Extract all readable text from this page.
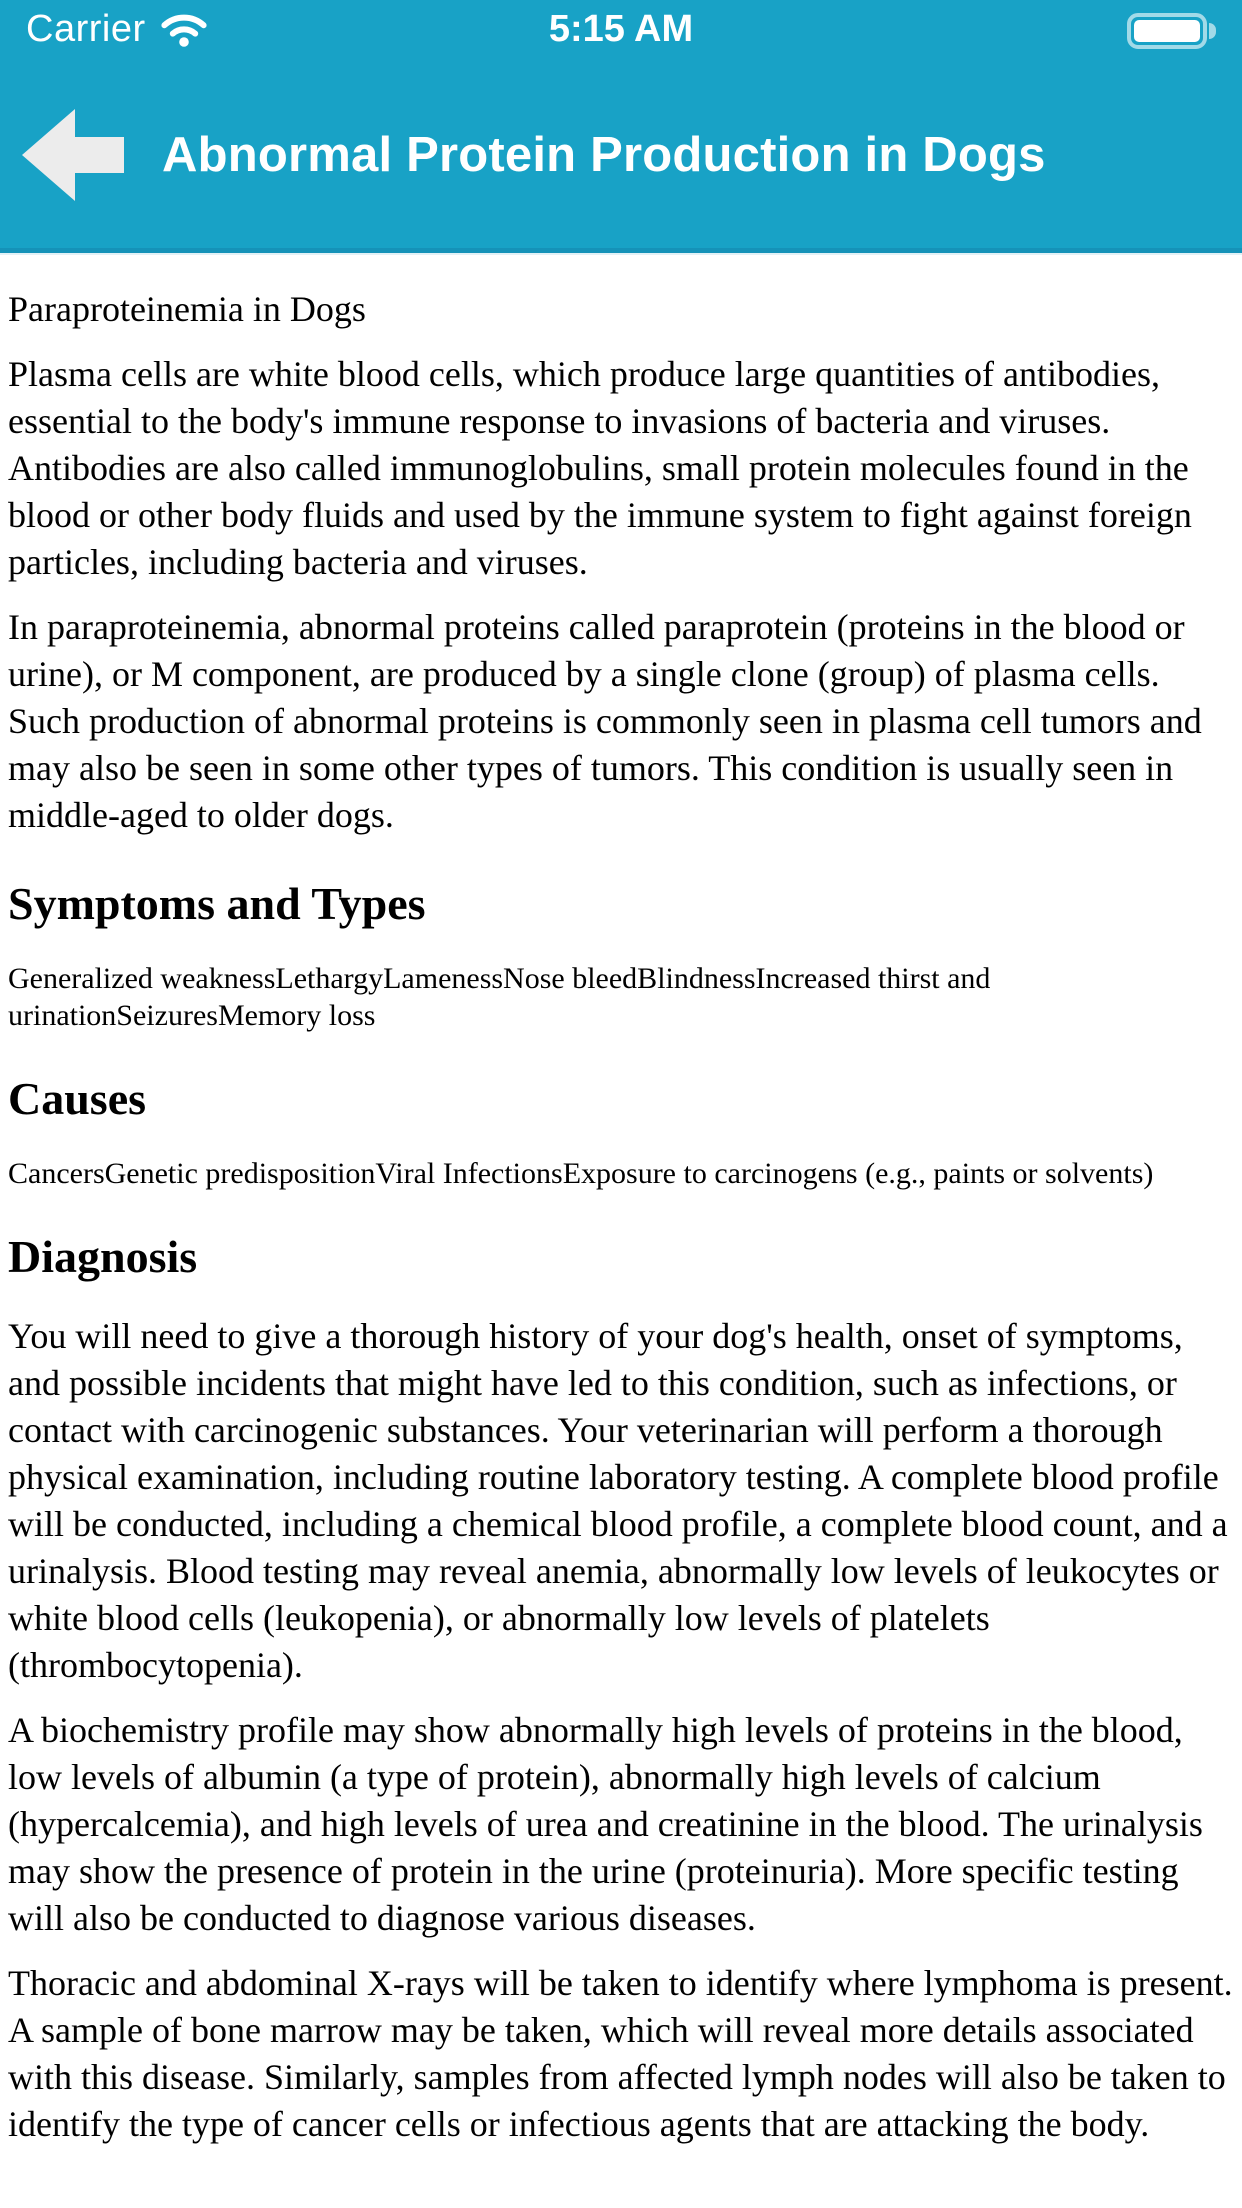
Carrier	5:15 AM
Abnormal Protein Production in Dogs

Paraproteinemia in Dogs

Plasma cells are white blood cells, which produce large quantities of antibodies, essential to the body's immune response to invasions of bacteria and viruses. Antibodies are also called immunoglobulins, small protein molecules found in the blood or other body fluids and used by the immune system to fight against foreign particles, including bacteria and viruses.

In paraproteinemia, abnormal proteins called paraprotein (proteins in the blood or urine), or M component, are produced by a single clone (group) of plasma cells. Such production of abnormal proteins is commonly seen in plasma cell tumors and may also be seen in some other types of tumors. This condition is usually seen in middle-aged to older dogs.

Symptoms and Types

Generalized weaknessLethargyLamenessNose bleedBlindnessIncreased thirst and urinationSeizuresMemory loss

Causes

CancersGenetic predispositionViral InfectionsExposure to carcinogens (e.g., paints or solvents)

Diagnosis

You will need to give a thorough history of your dog's health, onset of symptoms, and possible incidents that might have led to this condition, such as infections, or contact with carcinogenic substances. Your veterinarian will perform a thorough physical examination, including routine laboratory testing. A complete blood profile will be conducted, including a chemical blood profile, a complete blood count, and a urinalysis. Blood testing may reveal anemia, abnormally low levels of leukocytes or white blood cells (leukopenia), or abnormally low levels of platelets (thrombocytopenia).

A biochemistry profile may show abnormally high levels of proteins in the blood, low levels of albumin (a type of protein), abnormally high levels of calcium (hypercalcemia), and high levels of urea and creatinine in the blood. The urinalysis may show the presence of protein in the urine (proteinuria). More specific testing will also be conducted to diagnose various diseases.

Thoracic and abdominal X-rays will be taken to identify where lymphoma is present. A sample of bone marrow may be taken, which will reveal more details associated with this disease. Similarly, samples from affected lymph nodes will also be taken to identify the type of cancer cells or infectious agents that are attacking the body.
